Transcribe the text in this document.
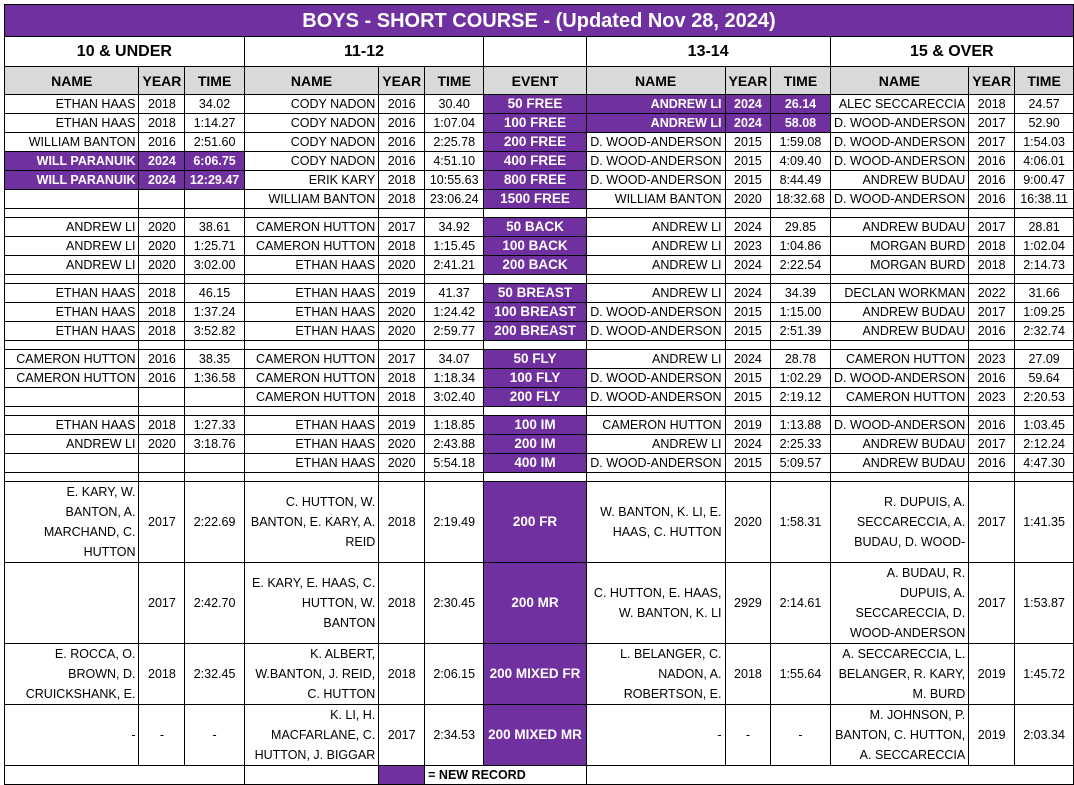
BOYS - SHORT COURSE - (Updated Nov 28, 2024)												
10 & UNDER			11-12				13-14			15 & OVER		
NAME	YEAR	TIME	NAME	YEAR	TIME	EVENT	NAME	YEAR	TIME	NAME	YEAR	TIME
ETHAN HAAS	2018	34.02	CODY NADON	2016	30.40	50 FREE	ANDREW LI	2024	26.14	ALEC SECCARECCIA	2018	24.57
ETHAN HAAS	2018	1:14.27	CODY NADON	2016	1:07.04	100 FREE	ANDREW LI	2024	58.08	D. WOOD-ANDERSON	2017	52.90
WILLIAM BANTON	2016	2:51.60	CODY NADON	2016	2:25.78	200 FREE	D. WOOD-ANDERSON	2015	1:59.08	D. WOOD-ANDERSON	2017	1:54.03
WILL PARANUIK	2024	6:06.75	CODY NADON	2016	4:51.10	400 FREE	D. WOOD-ANDERSON	2015	4:09.40	D. WOOD-ANDERSON	2016	4:06.01
WILL PARANUIK	2024	12:29.47	ERIK KARY	2018	10:55.63	800 FREE	D. WOOD-ANDERSON	2015	8:44.49	ANDREW BUDAU	2016	9:00.47
			WILLIAM BANTON	2018	23:06.24	1500 FREE	WILLIAM BANTON	2020	18:32.68	D. WOOD-ANDERSON	2016	16:38.11

ANDREW LI	2020	38.61	CAMERON HUTTON	2017	34.92	50 BACK	ANDREW LI	2024	29.85	ANDREW BUDAU	2017	28.81
ANDREW LI	2020	1:25.71	CAMERON HUTTON	2018	1:15.45	100 BACK	ANDREW LI	2023	1:04.86	MORGAN BURD	2018	1:02.04
ANDREW LI	2020	3:02.00	ETHAN HAAS	2020	2:41.21	200 BACK	ANDREW LI	2024	2:22.54	MORGAN BURD	2018	2:14.73

ETHAN HAAS	2018	46.15	ETHAN HAAS	2019	41.37	50 BREAST	ANDREW LI	2024	34.39	DECLAN WORKMAN	2022	31.66
ETHAN HAAS	2018	1:37.24	ETHAN HAAS	2020	1:24.42	100 BREAST	D. WOOD-ANDERSON	2015	1:15.00	ANDREW BUDAU	2017	1:09.25
ETHAN HAAS	2018	3:52.82	ETHAN HAAS	2020	2:59.77	200 BREAST	D. WOOD-ANDERSON	2015	2:51.39	ANDREW BUDAU	2016	2:32.74

CAMERON HUTTON	2016	38.35	CAMERON HUTTON	2017	34.07	50 FLY	ANDREW LI	2024	28.78	CAMERON HUTTON	2023	27.09
CAMERON HUTTON	2016	1:36.58	CAMERON HUTTON	2018	1:18.34	100 FLY	D. WOOD-ANDERSON	2015	1:02.29	D. WOOD-ANDERSON	2016	59.64
			CAMERON HUTTON	2018	3:02.40	200 FLY	D. WOOD-ANDERSON	2015	2:19.12	CAMERON HUTTON	2023	2:20.53

ETHAN HAAS	2018	1:27.33	ETHAN HAAS	2019	1:18.85	100 IM	CAMERON HUTTON	2019	1:13.88	D. WOOD-ANDERSON	2016	1:03.45
ANDREW LI	2020	3:18.76	ETHAN HAAS	2020	2:43.88	200 IM	ANDREW LI	2024	2:25.33	ANDREW BUDAU	2017	2:12.24
			ETHAN HAAS	2020	5:54.18	400 IM	D. WOOD-ANDERSON	2015	5:09.57	ANDREW BUDAU	2016	4:47.30

E. KARY, W. BANTON, A. MARCHAND, C. HUTTON	2017	2:22.69	C. HUTTON, W. BANTON, E. KARY, A. REID	2018	2:19.49	200 FR	W. BANTON, K. LI, E. HAAS, C. HUTTON	2020	1:58.31	R. DUPUIS, A. SECCARECCIA, A. BUDAU, D. WOOD-	2017	1:41.35
	2017	2:42.70	E. KARY, E. HAAS, C. HUTTON, W. BANTON	2018	2:30.45	200 MR	C. HUTTON, E. HAAS, W. BANTON, K. LI	2929	2:14.61	A. BUDAU, R. DUPUIS, A. SECCARECCIA, D. WOOD-ANDERSON	2017	1:53.87
E. ROCCA, O. BROWN, D. CRUICKSHANK, E.	2018	2:32.45	K. ALBERT, W.BANTON, J. REID, C. HUTTON	2018	2:06.15	200 MIXED FR	L. BELANGER, C. NADON, A. ROBERTSON, E.	2018	1:55.64	A. SECCARECCIA, L. BELANGER, R. KARY, M. BURD	2019	1:45.72
-	-	-	K. LI, H. MACFARLANE, C. HUTTON, J. BIGGAR	2017	2:34.53	200 MIXED MR	-	-	-	M. JOHNSON, P. BANTON, C. HUTTON, A. SECCARECCIA	2019	2:03.34
					= NEW RECORD							
